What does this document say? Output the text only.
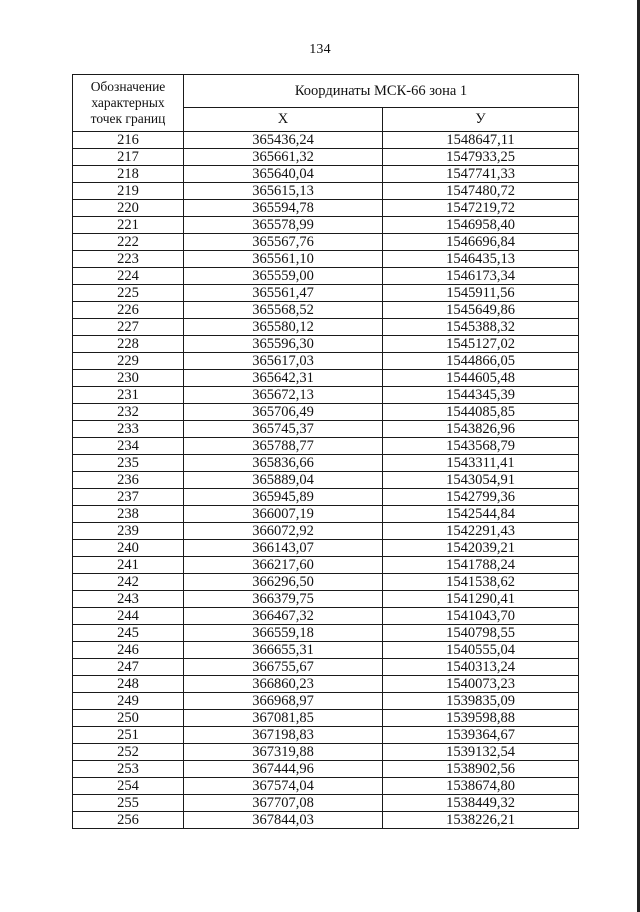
134
Обозначение
характерных
точек границ	Координаты МСК-66 зона 1	
	X	У
216	365436,24	1548647,11
217	365661,32	1547933,25
218	365640,04	1547741,33
219	365615,13	1547480,72
220	365594,78	1547219,72
221	365578,99	1546958,40
222	365567,76	1546696,84
223	365561,10	1546435,13
224	365559,00	1546173,34
225	365561,47	1545911,56
226	365568,52	1545649,86
227	365580,12	1545388,32
228	365596,30	1545127,02
229	365617,03	1544866,05
230	365642,31	1544605,48
231	365672,13	1544345,39
232	365706,49	1544085,85
233	365745,37	1543826,96
234	365788,77	1543568,79
235	365836,66	1543311,41
236	365889,04	1543054,91
237	365945,89	1542799,36
238	366007,19	1542544,84
239	366072,92	1542291,43
240	366143,07	1542039,21
241	366217,60	1541788,24
242	366296,50	1541538,62
243	366379,75	1541290,41
244	366467,32	1541043,70
245	366559,18	1540798,55
246	366655,31	1540555,04
247	366755,67	1540313,24
248	366860,23	1540073,23
249	366968,97	1539835,09
250	367081,85	1539598,88
251	367198,83	1539364,67
252	367319,88	1539132,54
253	367444,96	1538902,56
254	367574,04	1538674,80
255	367707,08	1538449,32
256	367844,03	1538226,21
